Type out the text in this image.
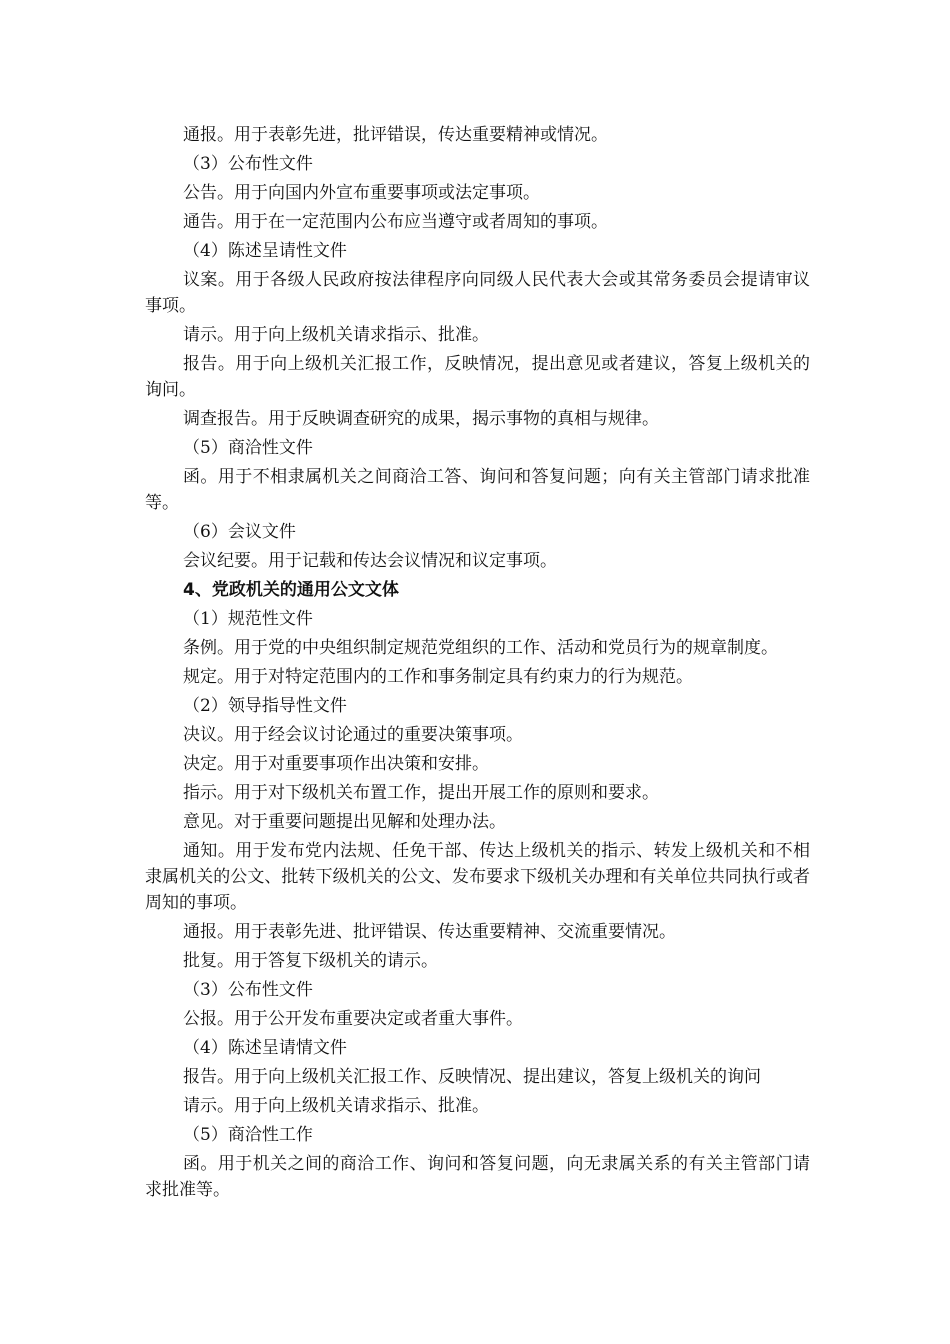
通报。用于表彰先进，批评错误，传达重要精神或情况。

（3）公布性文件

公告。用于向国内外宣布重要事项或法定事项。

通告。用于在一定范围内公布应当遵守或者周知的事项。

（4）陈述呈请性文件

议案。用于各级人民政府按法律程序向同级人民代表大会或其常务委员会提请审议事项。

请示。用于向上级机关请求指示、批准。

报告。用于向上级机关汇报工作，反映情况，提出意见或者建议，答复上级机关的询问。

调查报告。用于反映调查研究的成果，揭示事物的真相与规律。

（5）商洽性文件

函。用于不相隶属机关之间商洽工答、询问和答复问题；向有关主管部门请求批准等。

（6）会议文件

会议纪要。用于记载和传达会议情况和议定事项。

4、党政机关的通用公文文体

（1）规范性文件

条例。用于党的中央组织制定规范党组织的工作、活动和党员行为的规章制度。

规定。用于对特定范围内的工作和事务制定具有约束力的行为规范。

（2）领导指导性文件

决议。用于经会议讨论通过的重要决策事项。

决定。用于对重要事项作出决策和安排。

指示。用于对下级机关布置工作，提出开展工作的原则和要求。

意见。对于重要问题提出见解和处理办法。

通知。用于发布党内法规、任免干部、传达上级机关的指示、转发上级机关和不相隶属机关的公文、批转下级机关的公文、发布要求下级机关办理和有关单位共同执行或者周知的事项。

通报。用于表彰先进、批评错误、传达重要精神、交流重要情况。

批复。用于答复下级机关的请示。

（3）公布性文件

公报。用于公开发布重要决定或者重大事件。

（4）陈述呈请情文件

报告。用于向上级机关汇报工作、反映情况、提出建议，答复上级机关的询问

请示。用于向上级机关请求指示、批准。

（5）商洽性工作

函。用于机关之间的商洽工作、询问和答复问题，向无隶属关系的有关主管部门请求批准等。
